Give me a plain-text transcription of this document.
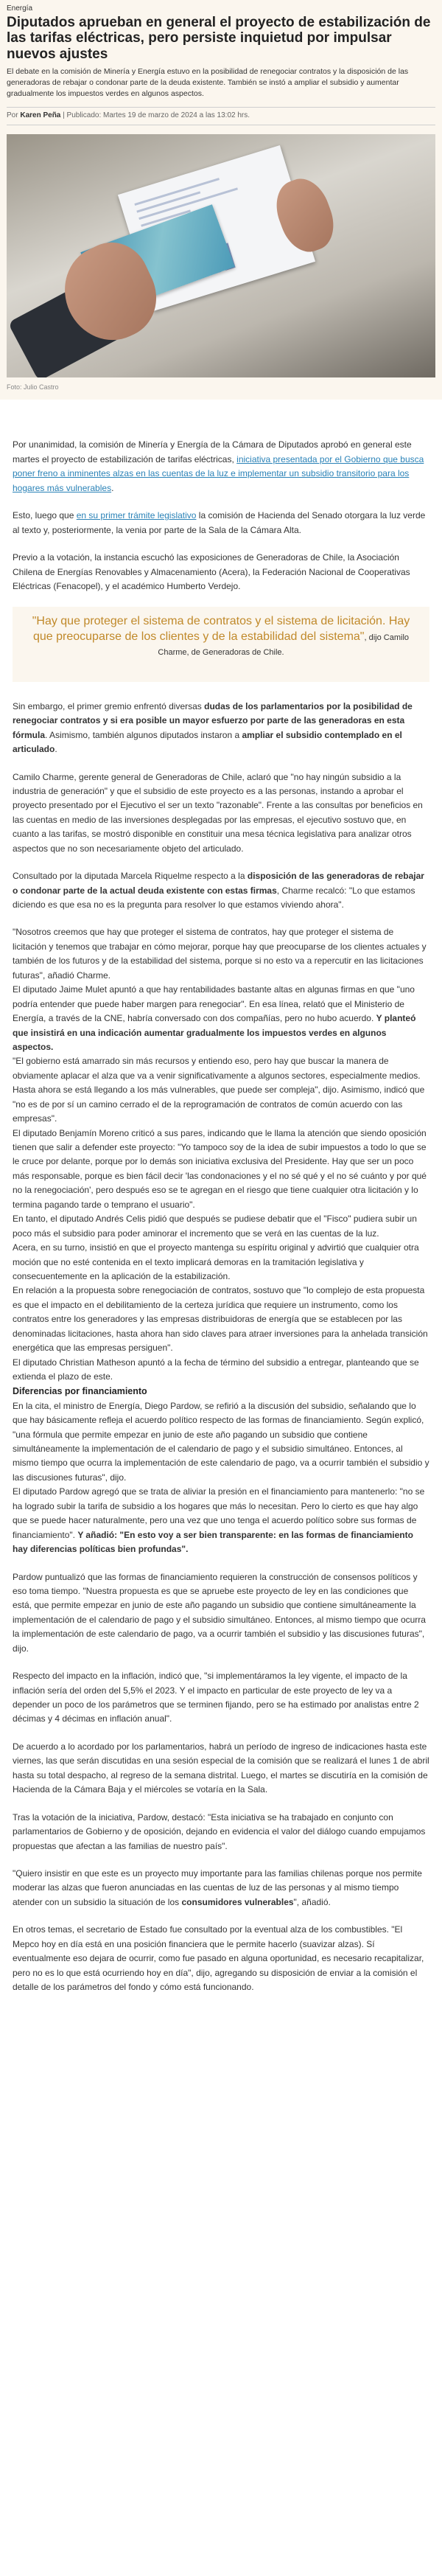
Energía
Diputados aprueban en general el proyecto de estabilización de las tarifas eléctricas, pero persiste inquietud por impulsar nuevos ajustes

El debate en la comisión de Minería y Energía estuvo en la posibilidad de renegociar contratos y la disposición de las generadoras de rebajar o condonar parte de la deuda existente. También se instó a ampliar el subsidio y aumentar gradualmente los impuestos verdes en algunos aspectos.

Por Karen Peña | Publicado: Martes 19 de marzo de 2024 a las 13:02 hrs.
Foto: Julio Castro

Por unanimidad, la comisión de Minería y Energía de la Cámara de Diputados aprobó en general este martes el proyecto de estabilización de tarifas eléctricas, iniciativa presentada por el Gobierno que busca poner freno a inminentes alzas en las cuentas de la luz e implementar un subsidio transitorio para los hogares más vulnerables.

Esto, luego que en su primer trámite legislativo la comisión de Hacienda del Senado otorgara la luz verde al texto y, posteriormente, la venia por parte de la Sala de la Cámara Alta.

Previo a la votación, la instancia escuchó las exposiciones de Generadoras de Chile, la Asociación Chilena de Energías Renovables y Almacenamiento (Acera), la Federación Nacional de Cooperativas Eléctricas (Fenacopel), y el académico Humberto Verdejo.

"Hay que proteger el sistema de contratos y el sistema de licitación. Hay que preocuparse de los clientes y de la estabilidad del sistema", dijo Camilo Charme, de Generadoras de Chile.

Sin embargo, el primer gremio enfrentó diversas dudas de los parlamentarios por la posibilidad de renegociar contratos y si era posible un mayor esfuerzo por parte de las generadoras en esta fórmula. Asimismo, también algunos diputados instaron a ampliar el subsidio contemplado en el articulado.

Camilo Charme, gerente general de Generadoras de Chile, aclaró que "no hay ningún subsidio a la industria de generación" y que el subsidio de este proyecto es a las personas, instando a aprobar el proyecto presentado por el Ejecutivo el ser un texto "razonable". Frente a las consultas por beneficios en las cuentas en medio de las inversiones desplegadas por las empresas, el ejecutivo sostuvo que, en cuanto a las tarifas, se mostró disponible en constituir una mesa técnica legislativa para analizar otros aspectos que no son necesariamente objeto del articulado.

Consultado por la diputada Marcela Riquelme respecto a la disposición de las generadoras de rebajar o condonar parte de la actual deuda existente con estas firmas, Charme recalcó: "Lo que estamos diciendo es que esa no es la pregunta para resolver lo que estamos viviendo ahora".

"Nosotros creemos que hay que proteger el sistema de contratos, hay que proteger el sistema de licitación y tenemos que trabajar en cómo mejorar, porque hay que preocuparse de los clientes actuales y también de los futuros y de la estabilidad del sistema, porque si no esto va a repercutir en las licitaciones futuras", añadió Charme.

El diputado Jaime Mulet apuntó a que hay rentabilidades bastante altas en algunas firmas en que "uno podría entender que puede haber margen para renegociar". En esa línea, relató que el Ministerio de Energía, a través de la CNE, habría conversado con dos compañías, pero no hubo acuerdo. Y planteó que insistirá en una indicación aumentar gradualmente los impuestos verdes en algunos aspectos.

"El gobierno está amarrado sin más recursos y entiendo eso, pero hay que buscar la manera de obviamente aplacar el alza que va a venir significativamente a algunos sectores, especialmente medios. Hasta ahora se está llegando a los más vulnerables, que puede ser compleja", dijo. Asimismo, indicó que "no es de por sí un camino cerrado el de la reprogramación de contratos de común acuerdo con las empresas".

El diputado Benjamín Moreno criticó a sus pares, indicando que le llama la atención que siendo oposición tienen que salir a defender este proyecto: "Yo tampoco soy de la idea de subir impuestos a todo lo que se le cruce por delante, porque por lo demás son iniciativa exclusiva del Presidente. Hay que ser un poco más responsable, porque es bien fácil decir 'las condonaciones y el no sé qué y el no sé cuánto y por qué no la renegociación', pero después eso se te agregan en el riesgo que tiene cualquier otra licitación y lo termina pagando tarde o temprano el usuario".

En tanto, el diputado Andrés Celis pidió que después se pudiese debatir que el "Fisco" pudiera subir un poco más el subsidio para poder aminorar el incremento que se verá en las cuentas de la luz.

Acera, en su turno, insistió en que el proyecto mantenga su espíritu original y advirtió que cualquier otra moción que no esté contenida en el texto implicará demoras en la tramitación legislativa y consecuentemente en la aplicación de la estabilización.

En relación a la propuesta sobre renegociación de contratos, sostuvo que "lo complejo de esta propuesta es que el impacto en el debilitamiento de la certeza jurídica que requiere un instrumento, como los contratos entre los generadores y las empresas distribuidoras de energía que se establecen por las denominadas licitaciones, hasta ahora han sido claves para atraer inversiones para la anhelada transición energética que las empresas persiguen".

El diputado Christian Matheson apuntó a la fecha de término del subsidio a entregar, planteando que se extienda el plazo de este.

Diferencias por financiamiento

En la cita, el ministro de Energía, Diego Pardow, se refirió a la discusión del subsidio, señalando que lo que hay básicamente refleja el acuerdo político respecto de las formas de financiamiento. Según explicó, "una fórmula que permite empezar en junio de este año pagando un subsidio que contiene simultáneamente la implementación de el calendario de pago y el subsidio simultáneo. Entonces, al mismo tiempo que ocurra la implementación de este calendario de pago, va a ocurrir también el subsidio y las discusiones futuras", dijo.

El diputado Pardow agregó que se trata de aliviar la presión en el financiamiento para mantenerlo: "no se ha logrado subir la tarifa de subsidio a los hogares que más lo necesitan. Pero lo cierto es que hay algo que se puede hacer naturalmente, pero una vez que uno tenga el acuerdo político sobre sus formas de financiamiento". Y añadió: "En esto voy a ser bien transparente: en las formas de financiamiento hay diferencias políticas bien profundas".

Pardow puntualizó que las formas de financiamiento requieren la construcción de consensos políticos y eso toma tiempo. "Nuestra propuesta es que se apruebe este proyecto de ley en las condiciones que está, que permite empezar en junio de este año pagando un subsidio que contiene simultáneamente la implementación de el calendario de pago y el subsidio simultáneo. Entonces, al mismo tiempo que ocurra la implementación de este calendario de pago, va a ocurrir también el subsidio y las discusiones futuras", dijo.

Respecto del impacto en la inflación, indicó que, "si implementáramos la ley vigente, el impacto de la inflación sería del orden del 5,5% el 2023. Y el impacto en particular de este proyecto de ley va a depender un poco de los parámetros que se terminen fijando, pero se ha estimado por analistas entre 2 décimas y 4 décimas en inflación anual".

De acuerdo a lo acordado por los parlamentarios, habrá un período de ingreso de indicaciones hasta este viernes, las que serán discutidas en una sesión especial de la comisión que se realizará el lunes 1 de abril hasta su total despacho, al regreso de la semana distrital. Luego, el martes se discutiría en la comisión de Hacienda de la Cámara Baja y el miércoles se votaría en la Sala.

Tras la votación de la iniciativa, Pardow, destacó: "Esta iniciativa se ha trabajado en conjunto con parlamentarios de Gobierno y de oposición, dejando en evidencia el valor del diálogo cuando empujamos propuestas que afectan a las familias de nuestro país".

"Quiero insistir en que este es un proyecto muy importante para las familias chilenas porque nos permite moderar las alzas que fueron anunciadas en las cuentas de luz de las personas y al mismo tiempo atender con un subsidio la situación de los consumidores vulnerables", añadió.

En otros temas, el secretario de Estado fue consultado por la eventual alza de los combustibles. "El Mepco hoy en día está en una posición financiera que le permite hacerlo (suavizar alzas). Sí eventualmente eso dejara de ocurrir, como fue pasado en alguna oportunidad, es necesario recapitalizar, pero no es lo que está ocurriendo hoy en día", dijo, agregando su disposición de enviar a la comisión el detalle de los parámetros del fondo y cómo está funcionando.
